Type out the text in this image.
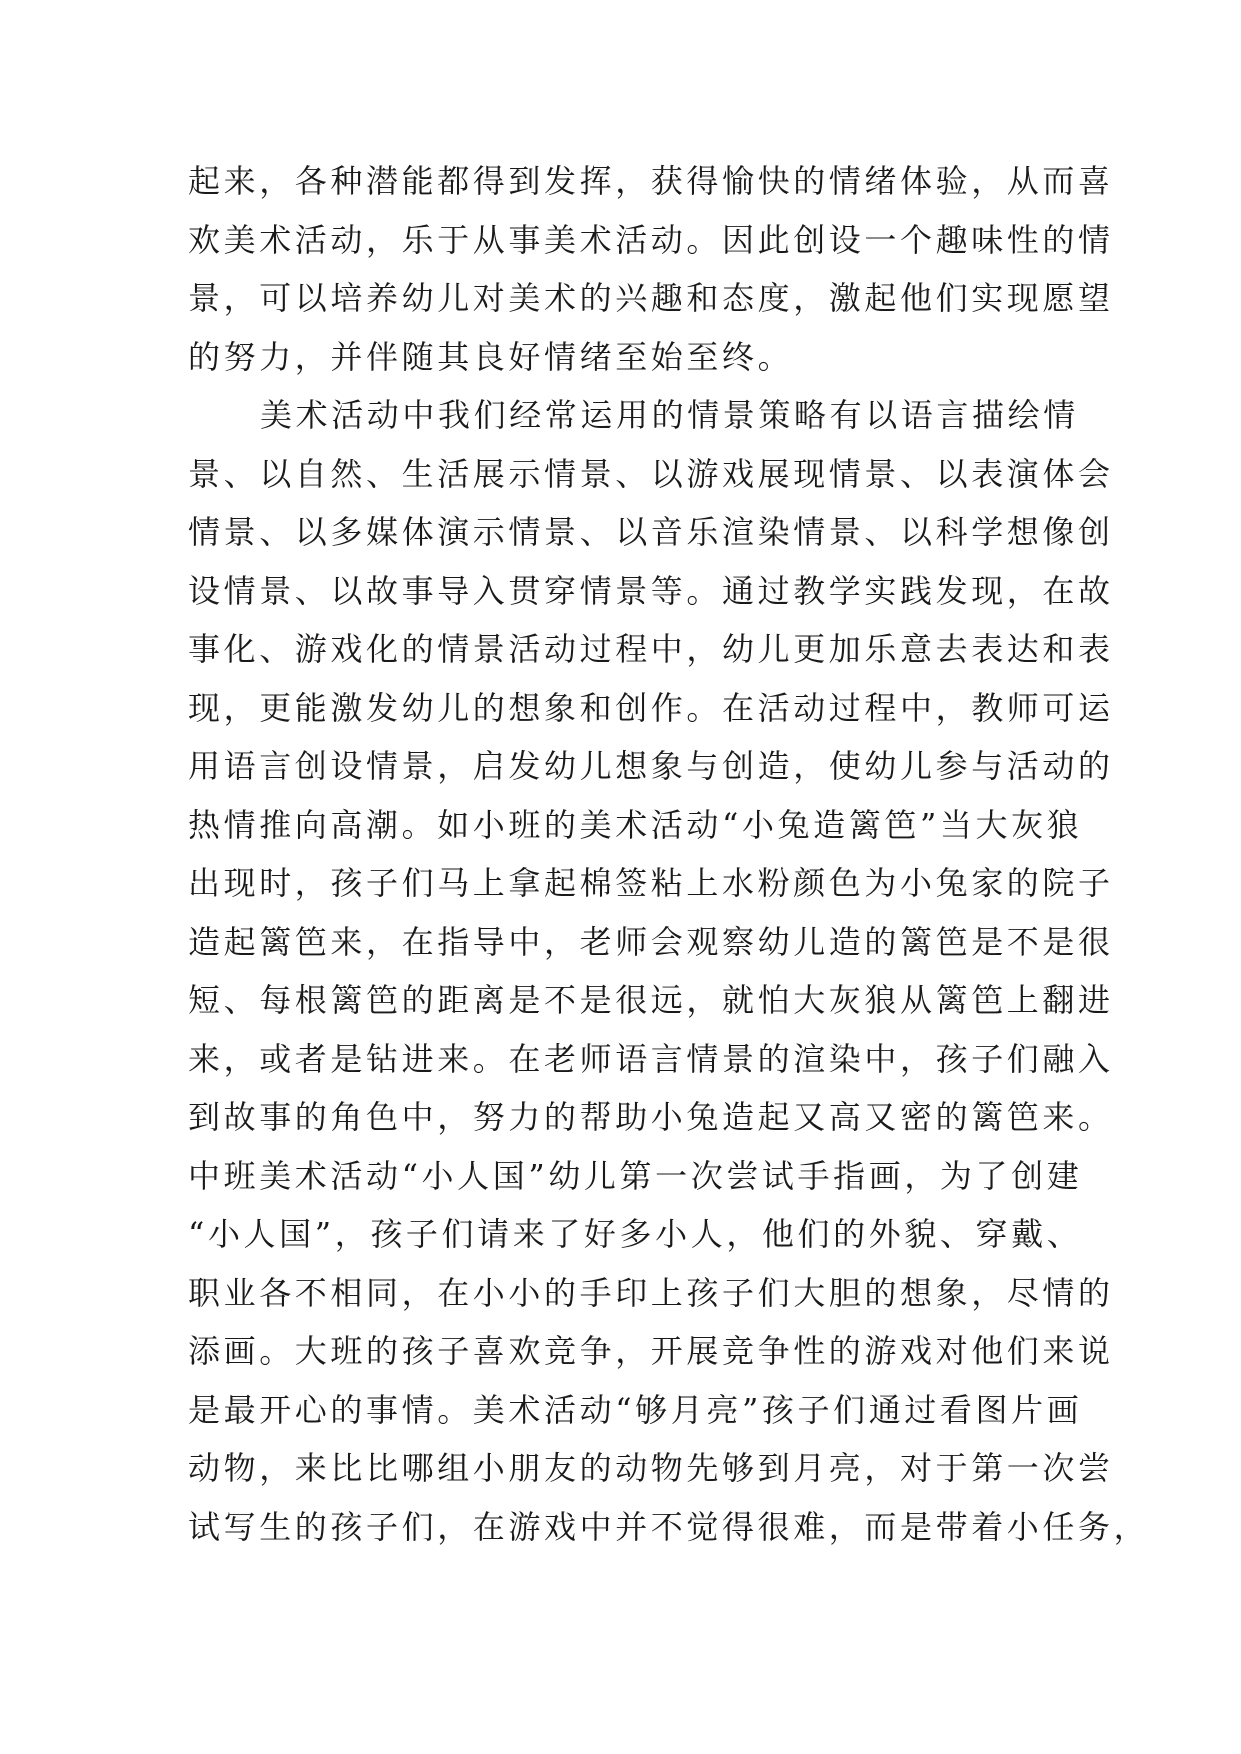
起来，各种潜能都得到发挥，获得愉快的情绪体验，从而喜
欢美术活动，乐于从事美术活动。因此创设一个趣味性的情
景，可以培养幼儿对美术的兴趣和态度，激起他们实现愿望
的努力，并伴随其良好情绪至始至终。
美术活动中我们经常运用的情景策略有以语言描绘情
景、以自然、生活展示情景、以游戏展现情景、以表演体会
情景、以多媒体演示情景、以音乐渲染情景、以科学想像创
设情景、以故事导入贯穿情景等。通过教学实践发现，在故
事化、游戏化的情景活动过程中，幼儿更加乐意去表达和表
现，更能激发幼儿的想象和创作。在活动过程中，教师可运
用语言创设情景，启发幼儿想象与创造，使幼儿参与活动的
热情推向高潮。如小班的美术活动“小兔造篱笆”当大灰狼
出现时，孩子们马上拿起棉签粘上水粉颜色为小兔家的院子
造起篱笆来，在指导中，老师会观察幼儿造的篱笆是不是很
短、每根篱笆的距离是不是很远，就怕大灰狼从篱笆上翻进
来，或者是钻进来。在老师语言情景的渲染中，孩子们融入
到故事的角色中，努力的帮助小兔造起又高又密的篱笆来。
中班美术活动“小人国”幼儿第一次尝试手指画，为了创建
“小人国”，孩子们请来了好多小人，他们的外貌、穿戴、
职业各不相同，在小小的手印上孩子们大胆的想象，尽情的
添画。大班的孩子喜欢竞争，开展竞争性的游戏对他们来说
是最开心的事情。美术活动“够月亮”孩子们通过看图片画
动物，来比比哪组小朋友的动物先够到月亮，对于第一次尝
试写生的孩子们，在游戏中并不觉得很难，而是带着小任务，
